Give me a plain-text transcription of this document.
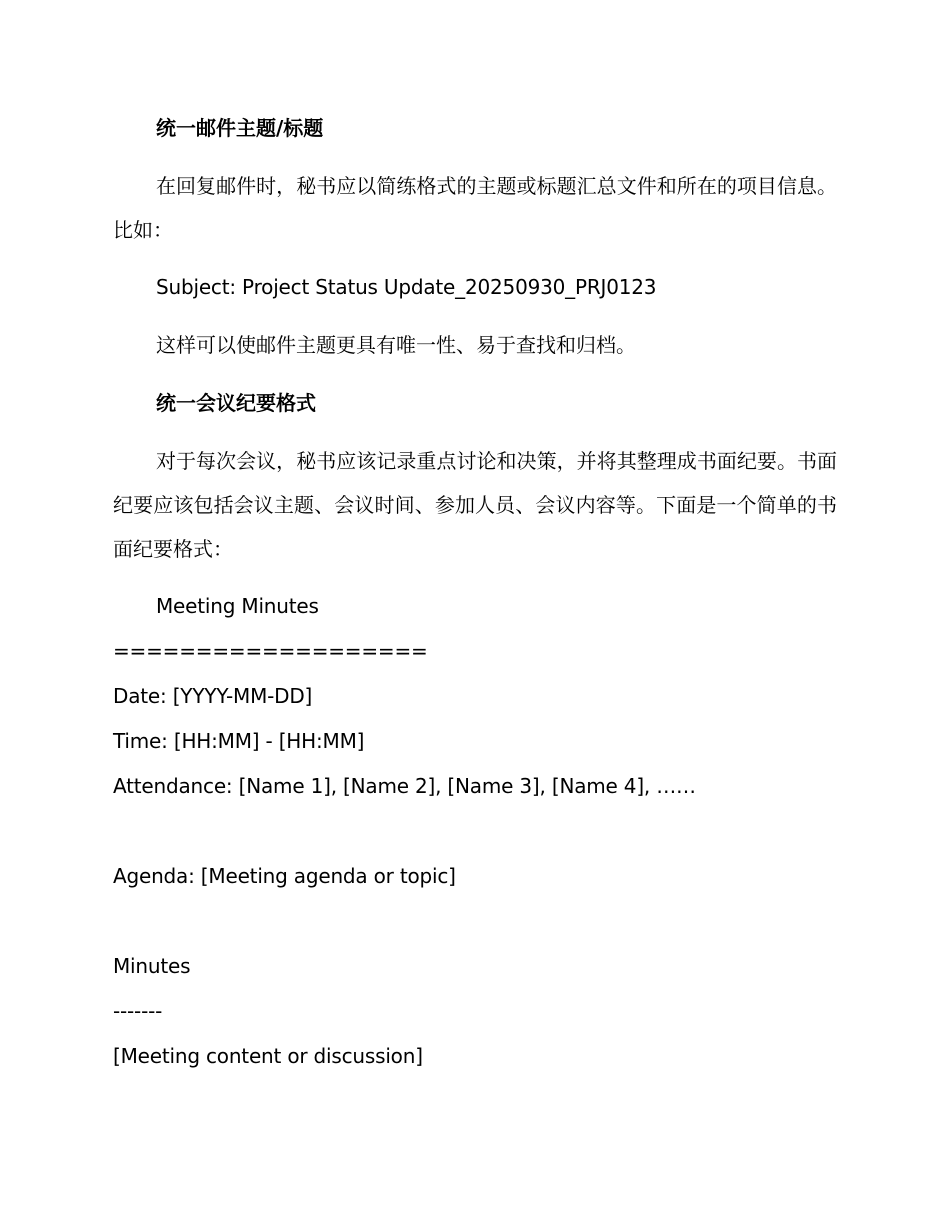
统一邮件主题/标题
在回复邮件时，秘书应以简练格式的主题或标题汇总文件和所在的项目信息。比如：
Subject: Project Status Update_20250930_PRJ0123
这样可以使邮件主题更具有唯一性、易于查找和归档。
统一会议纪要格式
对于每次会议，秘书应该记录重点讨论和决策，并将其整理成书面纪要。书面纪要应该包括会议主题、会议时间、参加人员、会议内容等。下面是一个简单的书面纪要格式：
Meeting Minutes
===================
Date: [YYYY-MM-DD]
Time: [HH:MM] - [HH:MM]
Attendance: [Name 1], [Name 2], [Name 3], [Name 4], ……
Agenda: [Meeting agenda or topic]
Minutes
-------
[Meeting content or discussion]
